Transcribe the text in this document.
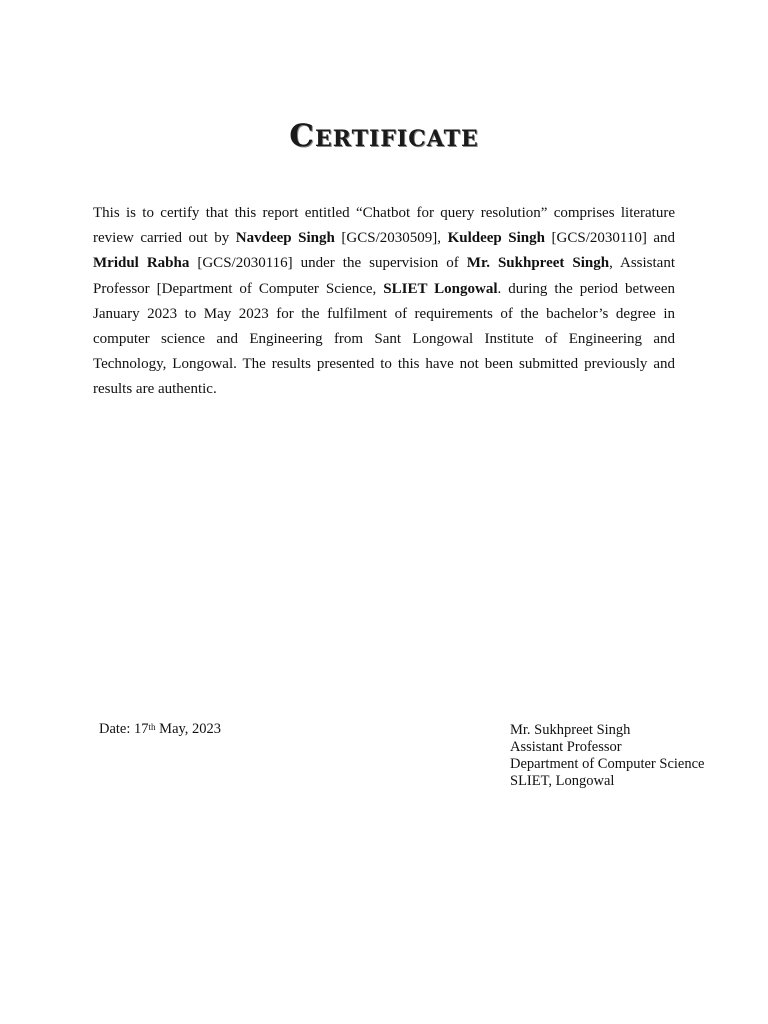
Certificate

This is to certify that this report entitled “Chatbot for query resolution” comprises literature review carried out by Navdeep Singh [GCS/2030509], Kuldeep Singh [GCS/2030110] and Mridul Rabha [GCS/2030116] under the supervision of Mr. Sukhpreet Singh, Assistant Professor [Department of Computer Science, SLIET Longowal. during the period between January 2023 to May 2023 for the fulfilment of requirements of the bachelor’s degree in computer science and Engineering from Sant Longowal Institute of Engineering and Technology, Longowal. The results presented to this have not been submitted previously and results are authentic.

Date: 17th May, 2023	Mr. Sukhpreet Singh
Assistant Professor
Department of Computer Science
SLIET, Longowal
